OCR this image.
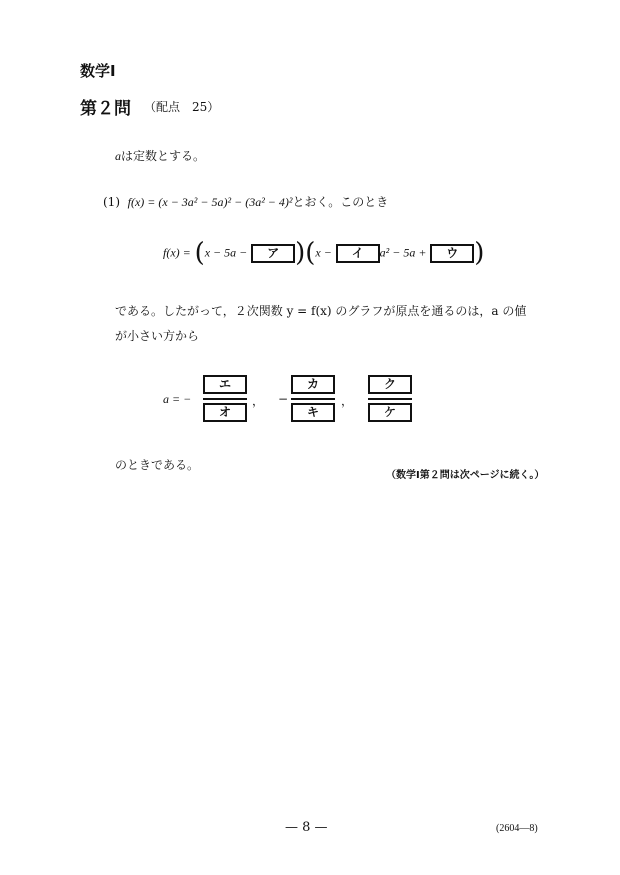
数学Ⅰ
第２問 （配点　25）
aは定数とする。
(1) f(x) = (x − 3a² − 5a)² − (3a² − 4)²とおく。このとき
f(x) = (x − 5a − ア )(x − イ a² − 5a + ウ )
である。したがって，２次関数 y = f(x) のグラフが原点を通るのは，a の値
が小さい方から
a = −
エ
オ
， −
カ
キ
，
ク
ケ
のときである。
（数学Ⅰ第２問は次ページに続く。）
— 8 —	(2604—8)
